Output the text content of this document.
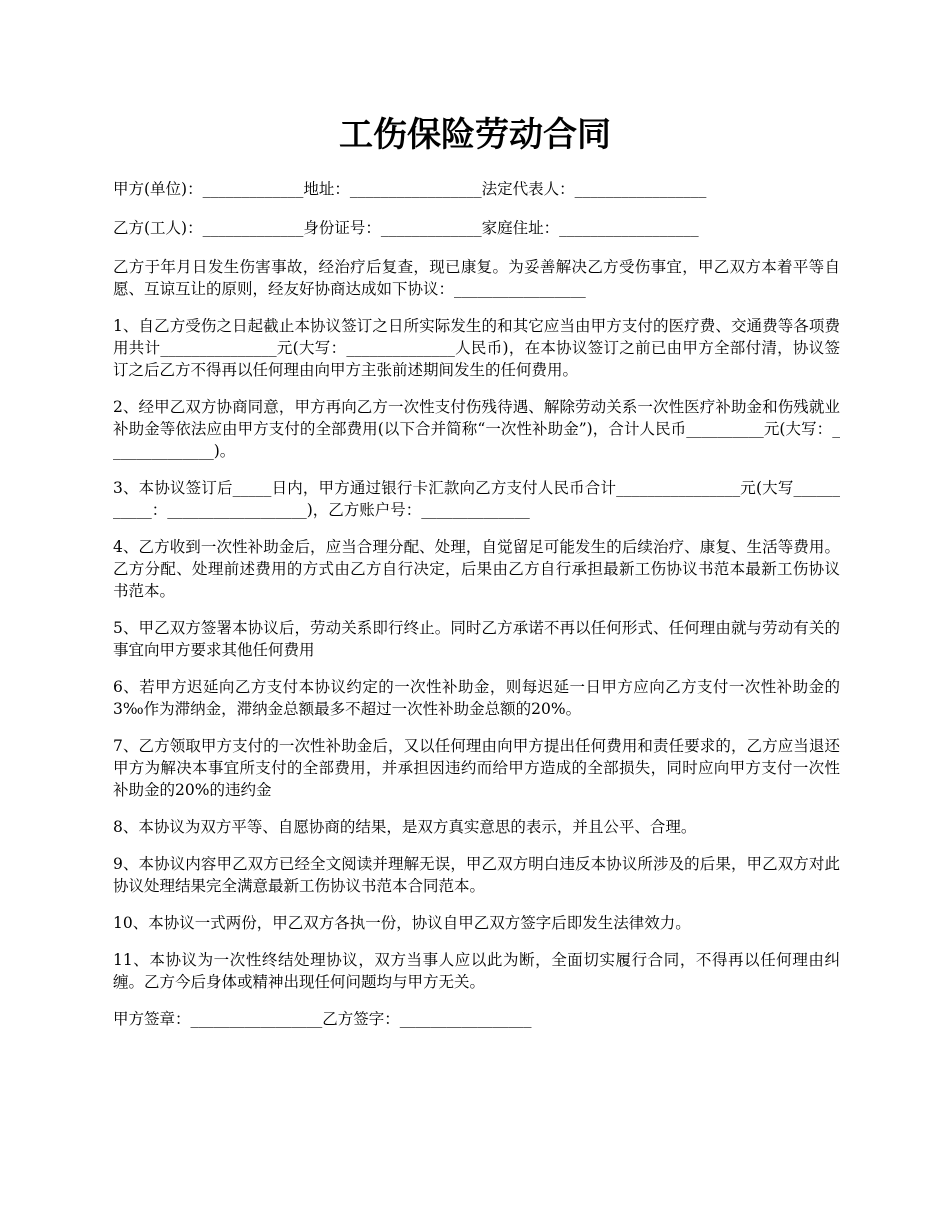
工伤保险劳动合同

甲方(单位)：_____________地址：_________________法定代表人：_________________

乙方(工人)：_____________身份证号：_____________家庭住址：__________________

乙方于年月日发生伤害事故，经治疗后复查，现已康复。为妥善解决乙方受伤事宜，甲乙双方本着平等自愿、互谅互让的原则，经友好协商达成如下协议：_________________

1、自乙方受伤之日起截止本协议签订之日所实际发生的和其它应当由甲方支付的医疗费、交通费等各项费用共计_______________元(大写：______________人民币)，在本协议签订之前已由甲方全部付清，协议签订之后乙方不得再以任何理由向甲方主张前述期间发生的任何费用。

2、经甲乙双方协商同意，甲方再向乙方一次性支付伤残待遇、解除劳动关系一次性医疗补助金和伤残就业补助金等依法应由甲方支付的全部费用(以下合并简称“一次性补助金”)，合计人民币__________元(大写：______________)。

3、本协议签订后_____日内，甲方通过银行卡汇款向乙方支付人民币合计________________元(大写___________：__________________)，乙方账户号：______________

4、乙方收到一次性补助金后，应当合理分配、处理，自觉留足可能发生的后续治疗、康复、生活等费用。乙方分配、处理前述费用的方式由乙方自行决定，后果由乙方自行承担最新工伤协议书范本最新工伤协议书范本。

5、甲乙双方签署本协议后，劳动关系即行终止。同时乙方承诺不再以任何形式、任何理由就与劳动有关的事宜向甲方要求其他任何费用

6、若甲方迟延向乙方支付本协议约定的一次性补助金，则每迟延一日甲方应向乙方支付一次性补助金的3‰作为滞纳金，滞纳金总额最多不超过一次性补助金总额的20%。

7、乙方领取甲方支付的一次性补助金后，又以任何理由向甲方提出任何费用和责任要求的，乙方应当退还甲方为解决本事宜所支付的全部费用，并承担因违约而给甲方造成的全部损失，同时应向甲方支付一次性补助金的20%的违约金

8、本协议为双方平等、自愿协商的结果，是双方真实意思的表示，并且公平、合理。

9、本协议内容甲乙双方已经全文阅读并理解无误，甲乙双方明白违反本协议所涉及的后果，甲乙双方对此协议处理结果完全满意最新工伤协议书范本合同范本。

10、本协议一式两份，甲乙双方各执一份，协议自甲乙双方签字后即发生法律效力。

11、本协议为一次性终结处理协议，双方当事人应以此为断，全面切实履行合同，不得再以任何理由纠缠。乙方今后身体或精神出现任何问题均与甲方无关。

甲方签章：_________________乙方签字：_________________
